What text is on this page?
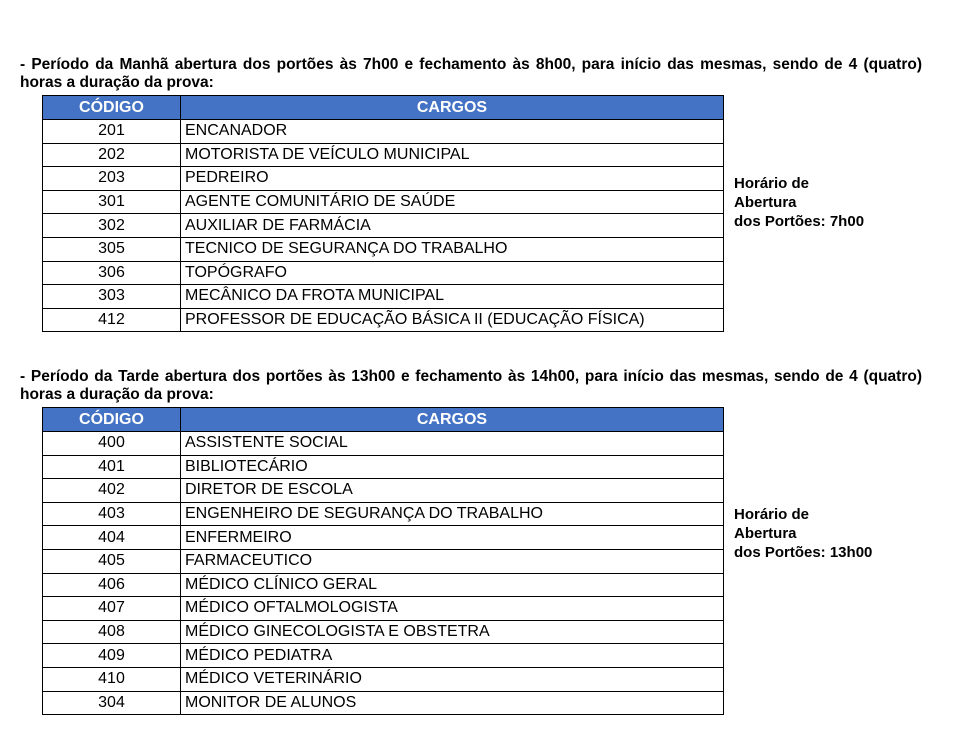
- Período da Manhã abertura dos portões às 7h00 e fechamento às 8h00, para início das mesmas, sendo de 4 (quatro) horas a duração da prova:

CÓDIGO	CARGOS
201	ENCANADOR
202	MOTORISTA DE VEÍCULO MUNICIPAL
203	PEDREIRO
301	AGENTE COMUNITÁRIO DE SAÚDE
302	AUXILIAR DE FARMÁCIA
305	TECNICO DE SEGURANÇA DO TRABALHO
306	TOPÓGRAFO
303	MECÂNICO DA FROTA MUNICIPAL
412	PROFESSOR DE EDUCAÇÃO BÁSICA II (EDUCAÇÃO FÍSICA)
Horário de
Abertura
dos Portões: 7h00

- Período da Tarde abertura dos portões às 13h00 e fechamento às 14h00, para início das mesmas, sendo de 4 (quatro) horas a duração da prova:

CÓDIGO	CARGOS
400	ASSISTENTE SOCIAL
401	BIBLIOTECÁRIO
402	DIRETOR DE ESCOLA
403	ENGENHEIRO DE SEGURANÇA DO TRABALHO
404	ENFERMEIRO
405	FARMACEUTICO
406	MÉDICO CLÍNICO GERAL
407	MÉDICO OFTALMOLOGISTA
408	MÉDICO GINECOLOGISTA E OBSTETRA
409	MÉDICO PEDIATRA
410	MÉDICO VETERINÁRIO
304	MONITOR DE ALUNOS
Horário de
Abertura
dos Portões: 13h00
